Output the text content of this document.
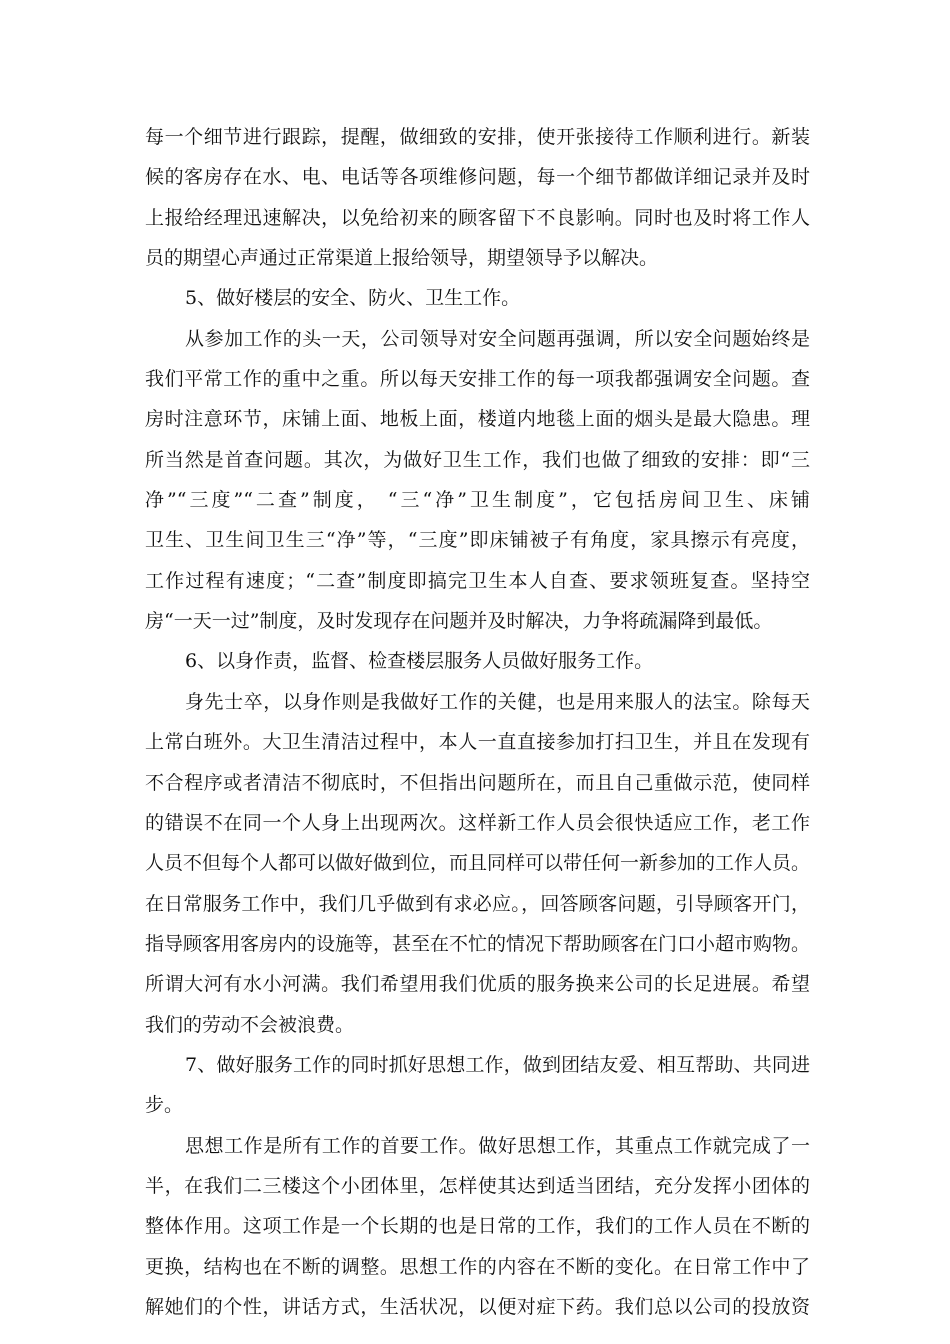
每一个细节进行跟踪，提醒，做细致的安排，使开张接待工作顺利进行。新装
候的客房存在水、电、电话等各项维修问题，每一个细节都做详细记录并及时
上报给经理迅速解决，以免给初来的顾客留下不良影响。同时也及时将工作人
员的期望心声通过正常渠道上报给领导，期望领导予以解决。
5、做好楼层的安全、防火、卫生工作。
从参加工作的头一天，公司领导对安全问题再强调，所以安全问题始终是
我们平常工作的重中之重。所以每天安排工作的每一项我都强调安全问题。查
房时注意环节，床铺上面、地板上面，楼道内地毯上面的烟头是最大隐患。理
所当然是首查问题。其次，为做好卫生工作，我们也做了细致的安排：即“三
净”“三度”“二查”制度， “三“净”卫生制度”，它包括房间卫生、床铺
卫生、卫生间卫生三“净”等，“三度”即床铺被子有角度，家具擦示有亮度，
工作过程有速度；“二查”制度即搞完卫生本人自查、要求领班复查。坚持空
房“一天一过”制度，及时发现存在问题并及时解决，力争将疏漏降到最低。
6、以身作责，监督、检查楼层服务人员做好服务工作。
身先士卒，以身作则是我做好工作的关健，也是用来服人的法宝。除每天
上常白班外。大卫生清洁过程中，本人一直直接参加打扫卫生，并且在发现有
不合程序或者清洁不彻底时，不但指出问题所在，而且自己重做示范，使同样
的错误不在同一个人身上出现两次。这样新工作人员会很快适应工作，老工作
人员不但每个人都可以做好做到位，而且同样可以带任何一新参加的工作人员。
在日常服务工作中，我们几乎做到有求必应。，回答顾客问题，引导顾客开门，
指导顾客用客房内的设施等，甚至在不忙的情况下帮助顾客在门口小超市购物。
所谓大河有水小河满。我们希望用我们优质的服务换来公司的长足进展。希望
我们的劳动不会被浪费。
7、做好服务工作的同时抓好思想工作，做到团结友爱、相互帮助、共同进
步。
思想工作是所有工作的首要工作。做好思想工作，其重点工作就完成了一
半，在我们二三楼这个小团体里，怎样使其达到适当团结，充分发挥小团体的
整体作用。这项工作是一个长期的也是日常的工作，我们的工作人员在不断的
更换，结构也在不断的调整。思想工作的内容在不断的变化。在日常工作中了
解她们的个性，讲话方式，生活状况，以便对症下药。我们总以公司的投放资
